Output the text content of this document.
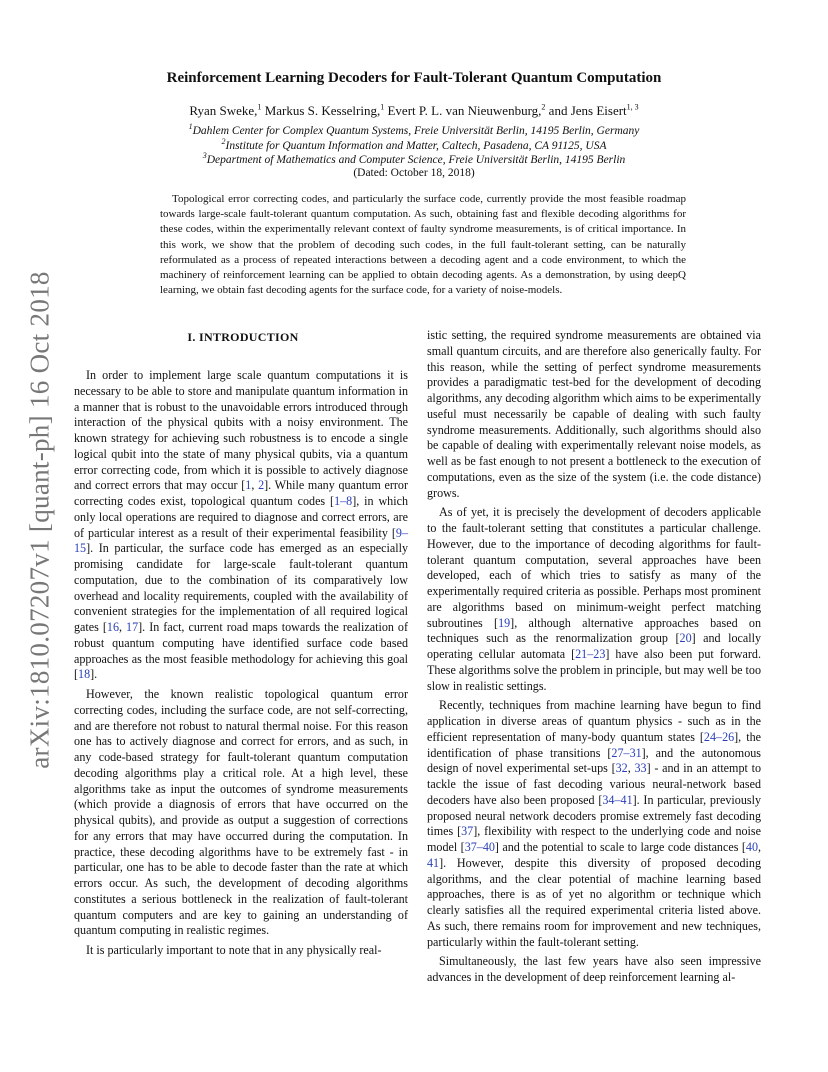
arXiv:1810.07207v1 [quant-ph] 16 Oct 2018
Reinforcement Learning Decoders for Fault-Tolerant Quantum Computation
Ryan Sweke,$^1$ Markus S. Kesselring,$^1$ Evert P. L. van Nieuwenburg,$^2$ and Jens Eisert$^{1, 3}$
$^1$Dahlem Center for Complex Quantum Systems, Freie Universität Berlin, 14195 Berlin, Germany
$^2$Institute for Quantum Information and Matter, Caltech, Pasadena, CA 91125, USA
$^3$Department of Mathematics and Computer Science, Freie Universität Berlin, 14195 Berlin
(Dated: October 18, 2018)
Topological error correcting codes, and particularly the surface code, currently provide the most feasible roadmap towards large-scale fault-tolerant quantum computation. As such, obtaining fast and flexible decoding algorithms for these codes, within the experimentally relevant context of faulty syndrome measurements, is of critical importance. In this work, we show that the problem of decoding such codes, in the full fault-tolerant setting, can be naturally reformulated as a process of repeated interactions between a decoding agent and a code environment, to which the machinery of reinforcement learning can be applied to obtain decoding agents. As a demonstration, by using deepQ learning, we obtain fast decoding agents for the surface code, for a variety of noise-models.
I. INTRODUCTION

In order to implement large scale quantum computations it is necessary to be able to store and manipulate quantum information in a manner that is robust to the unavoidable errors introduced through interaction of the physical qubits with a noisy environment. The known strategy for achieving such robustness is to encode a single logical qubit into the state of many physical qubits, via a quantum error correcting code, from which it is possible to actively diagnose and correct errors that may occur [1, 2]. While many quantum error correcting codes exist, topological quantum codes [1–8], in which only local operations are required to diagnose and correct errors, are of particular interest as a result of their experimental feasibility [9–15]. In particular, the surface code has emerged as an especially promising candidate for large-scale fault-tolerant quantum computation, due to the combination of its comparatively low overhead and locality requirements, coupled with the availability of convenient strategies for the implementation of all required logical gates [16, 17]. In fact, current road maps towards the realization of robust quantum computing have identified surface code based approaches as the most feasible methodology for achieving this goal [18].

However, the known realistic topological quantum error correcting codes, including the surface code, are not self-correcting, and are therefore not robust to natural thermal noise. For this reason one has to actively diagnose and correct for errors, and as such, in any code-based strategy for fault-tolerant quantum computation decoding algorithms play a critical role. At a high level, these algorithms take as input the outcomes of syndrome measurements (which provide a diagnosis of errors that have occurred on the physical qubits), and provide as output a suggestion of corrections for any errors that may have occurred during the computation. In practice, these decoding algorithms have to be extremely fast - in particular, one has to be able to decode faster than the rate at which errors occur. As such, the development of decoding algorithms constitutes a serious bottleneck in the realization of fault-tolerant quantum computers and are key to gaining an understanding of quantum computing in realistic regimes.

It is particularly important to note that in any physically real-

istic setting, the required syndrome measurements are obtained via small quantum circuits, and are therefore also generically faulty. For this reason, while the setting of perfect syndrome measurements provides a paradigmatic test-bed for the development of decoding algorithms, any decoding algorithm which aims to be experimentally useful must necessarily be capable of dealing with such faulty syndrome measurements. Additionally, such algorithms should also be capable of dealing with experimentally relevant noise models, as well as be fast enough to not present a bottleneck to the execution of computations, even as the size of the system (i.e. the code distance) grows.

As of yet, it is precisely the development of decoders applicable to the fault-tolerant setting that constitutes a particular challenge. However, due to the importance of decoding algorithms for fault-tolerant quantum computation, several approaches have been developed, each of which tries to satisfy as many of the experimentally required criteria as possible. Perhaps most prominent are algorithms based on minimum-weight perfect matching subroutines [19], although alternative approaches based on techniques such as the renormalization group [20] and locally operating cellular automata [21–23] have also been put forward. These algorithms solve the problem in principle, but may well be too slow in realistic settings.

Recently, techniques from machine learning have begun to find application in diverse areas of quantum physics - such as in the efficient representation of many-body quantum states [24–26], the identification of phase transitions [27–31], and the autonomous design of novel experimental set-ups [32, 33] - and in an attempt to tackle the issue of fast decoding various neural-network based decoders have also been proposed [34–41]. In particular, previously proposed neural network decoders promise extremely fast decoding times [37], flexibility with respect to the underlying code and noise model [37–40] and the potential to scale to large code distances [40, 41]. However, despite this diversity of proposed decoding algorithms, and the clear potential of machine learning based approaches, there is as of yet no algorithm or technique which clearly satisfies all the required experimental criteria listed above. As such, there remains room for improvement and new techniques, particularly within the fault-tolerant setting.

Simultaneously, the last few years have also seen impressive advances in the development of deep reinforcement learning al-
